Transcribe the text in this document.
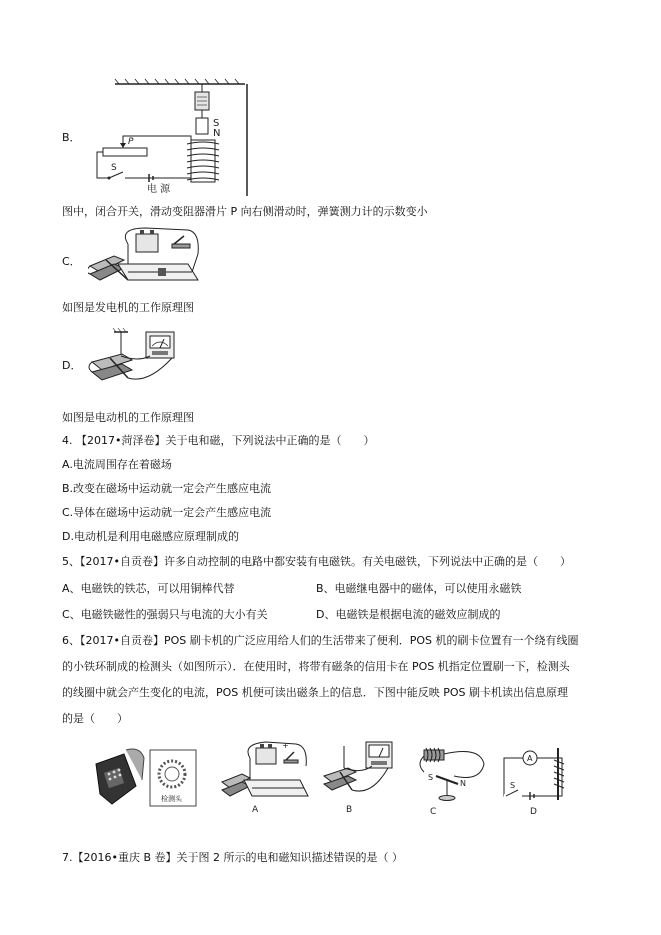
S
N
P
S
电 源
B．
图中，闭合开关，滑动变阻器滑片 P 向右侧滑动时，弹簧测力计的示数变小
C．
如图是发电机的工作原理图
D．
如图是电动机的工作原理图
4. 【2017•菏泽卷】关于电和磁，下列说法中正确的是（　　）
A.电流周围存在着磁场
B.改变在磁场中运动就一定会产生感应电流
C.导体在磁场中运动就一定会产生感应电流
D.电动机是利用电磁感应原理制成的
5、【2017•自贡卷】许多自动控制的电路中都安装有电磁铁。有关电磁铁，下列说法中正确的是（　　）
A、电磁铁的铁芯，可以用铜棒代替	B、电磁继电器中的磁体，可以使用永磁铁
C、电磁铁磁性的强弱只与电流的大小有关	D、电磁铁是根据电流的磁效应制成的
6、【2017•自贡卷】POS 刷卡机的广泛应用给人们的生活带来了便利．POS 机的刷卡位置有一个绕有线圈
的小铁环制成的检测头（如图所示）．在使用时，将带有磁条的信用卡在 POS 机指定位置刷一下，检测头
的线圈中就会产生变化的电流，POS 机便可读出磁条上的信息．下图中能反映 POS 刷卡机读出信息原理
的是（　　）
检测头
+
A	B
S
N
C
A
S
D
7.【2016•重庆 B 卷】关于图 2 所示的电和磁知识描述错误的是（ ）
